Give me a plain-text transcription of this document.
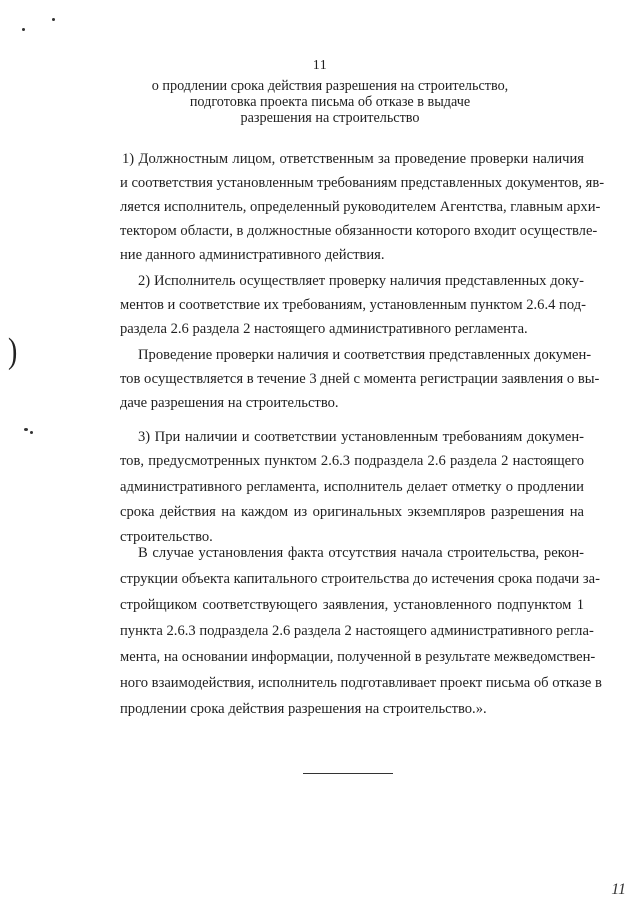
)
11
о продлении срока действия разрешения на строительство,
подготовка проекта письма об отказе в выдаче
разрешения на строительство
1) Должностным лицом, ответственным за проведение проверки наличия
и соответствия установленным требованиям представленных документов, яв-
ляется исполнитель, определенный руководителем Агентства, главным архи-
тектором области, в должностные обязанности которого входит осуществле-
ние данного административного действия.
2) Исполнитель осуществляет проверку наличия представленных доку-
ментов и соответствие их требованиям, установленным пунктом 2.6.4 под-
раздела 2.6 раздела 2 настоящего административного регламента.
Проведение проверки наличия и соответствия представленных докумен-
тов осуществляется в течение 3 дней с момента регистрации заявления о вы-
даче разрешения на строительство.
3) При наличии и соответствии установленным требованиям докумен-
тов, предусмотренных пунктом 2.6.3 подраздела 2.6 раздела 2 настоящего
административного регламента, исполнитель делает отметку о продлении
срока действия на каждом из оригинальных экземпляров разрешения на
строительство.
В случае установления факта отсутствия начала строительства, рекон-
струкции объекта капитального строительства до истечения срока подачи за-
стройщиком соответствующего заявления, установленного подпунктом 1
пункта 2.6.3 подраздела 2.6 раздела 2 настоящего административного регла-
мента, на основании информации, полученной в результате межведомствен-
ного взаимодействия, исполнитель подготавливает проект письма об отказе в
продлении срока действия разрешения на строительство.».
11
